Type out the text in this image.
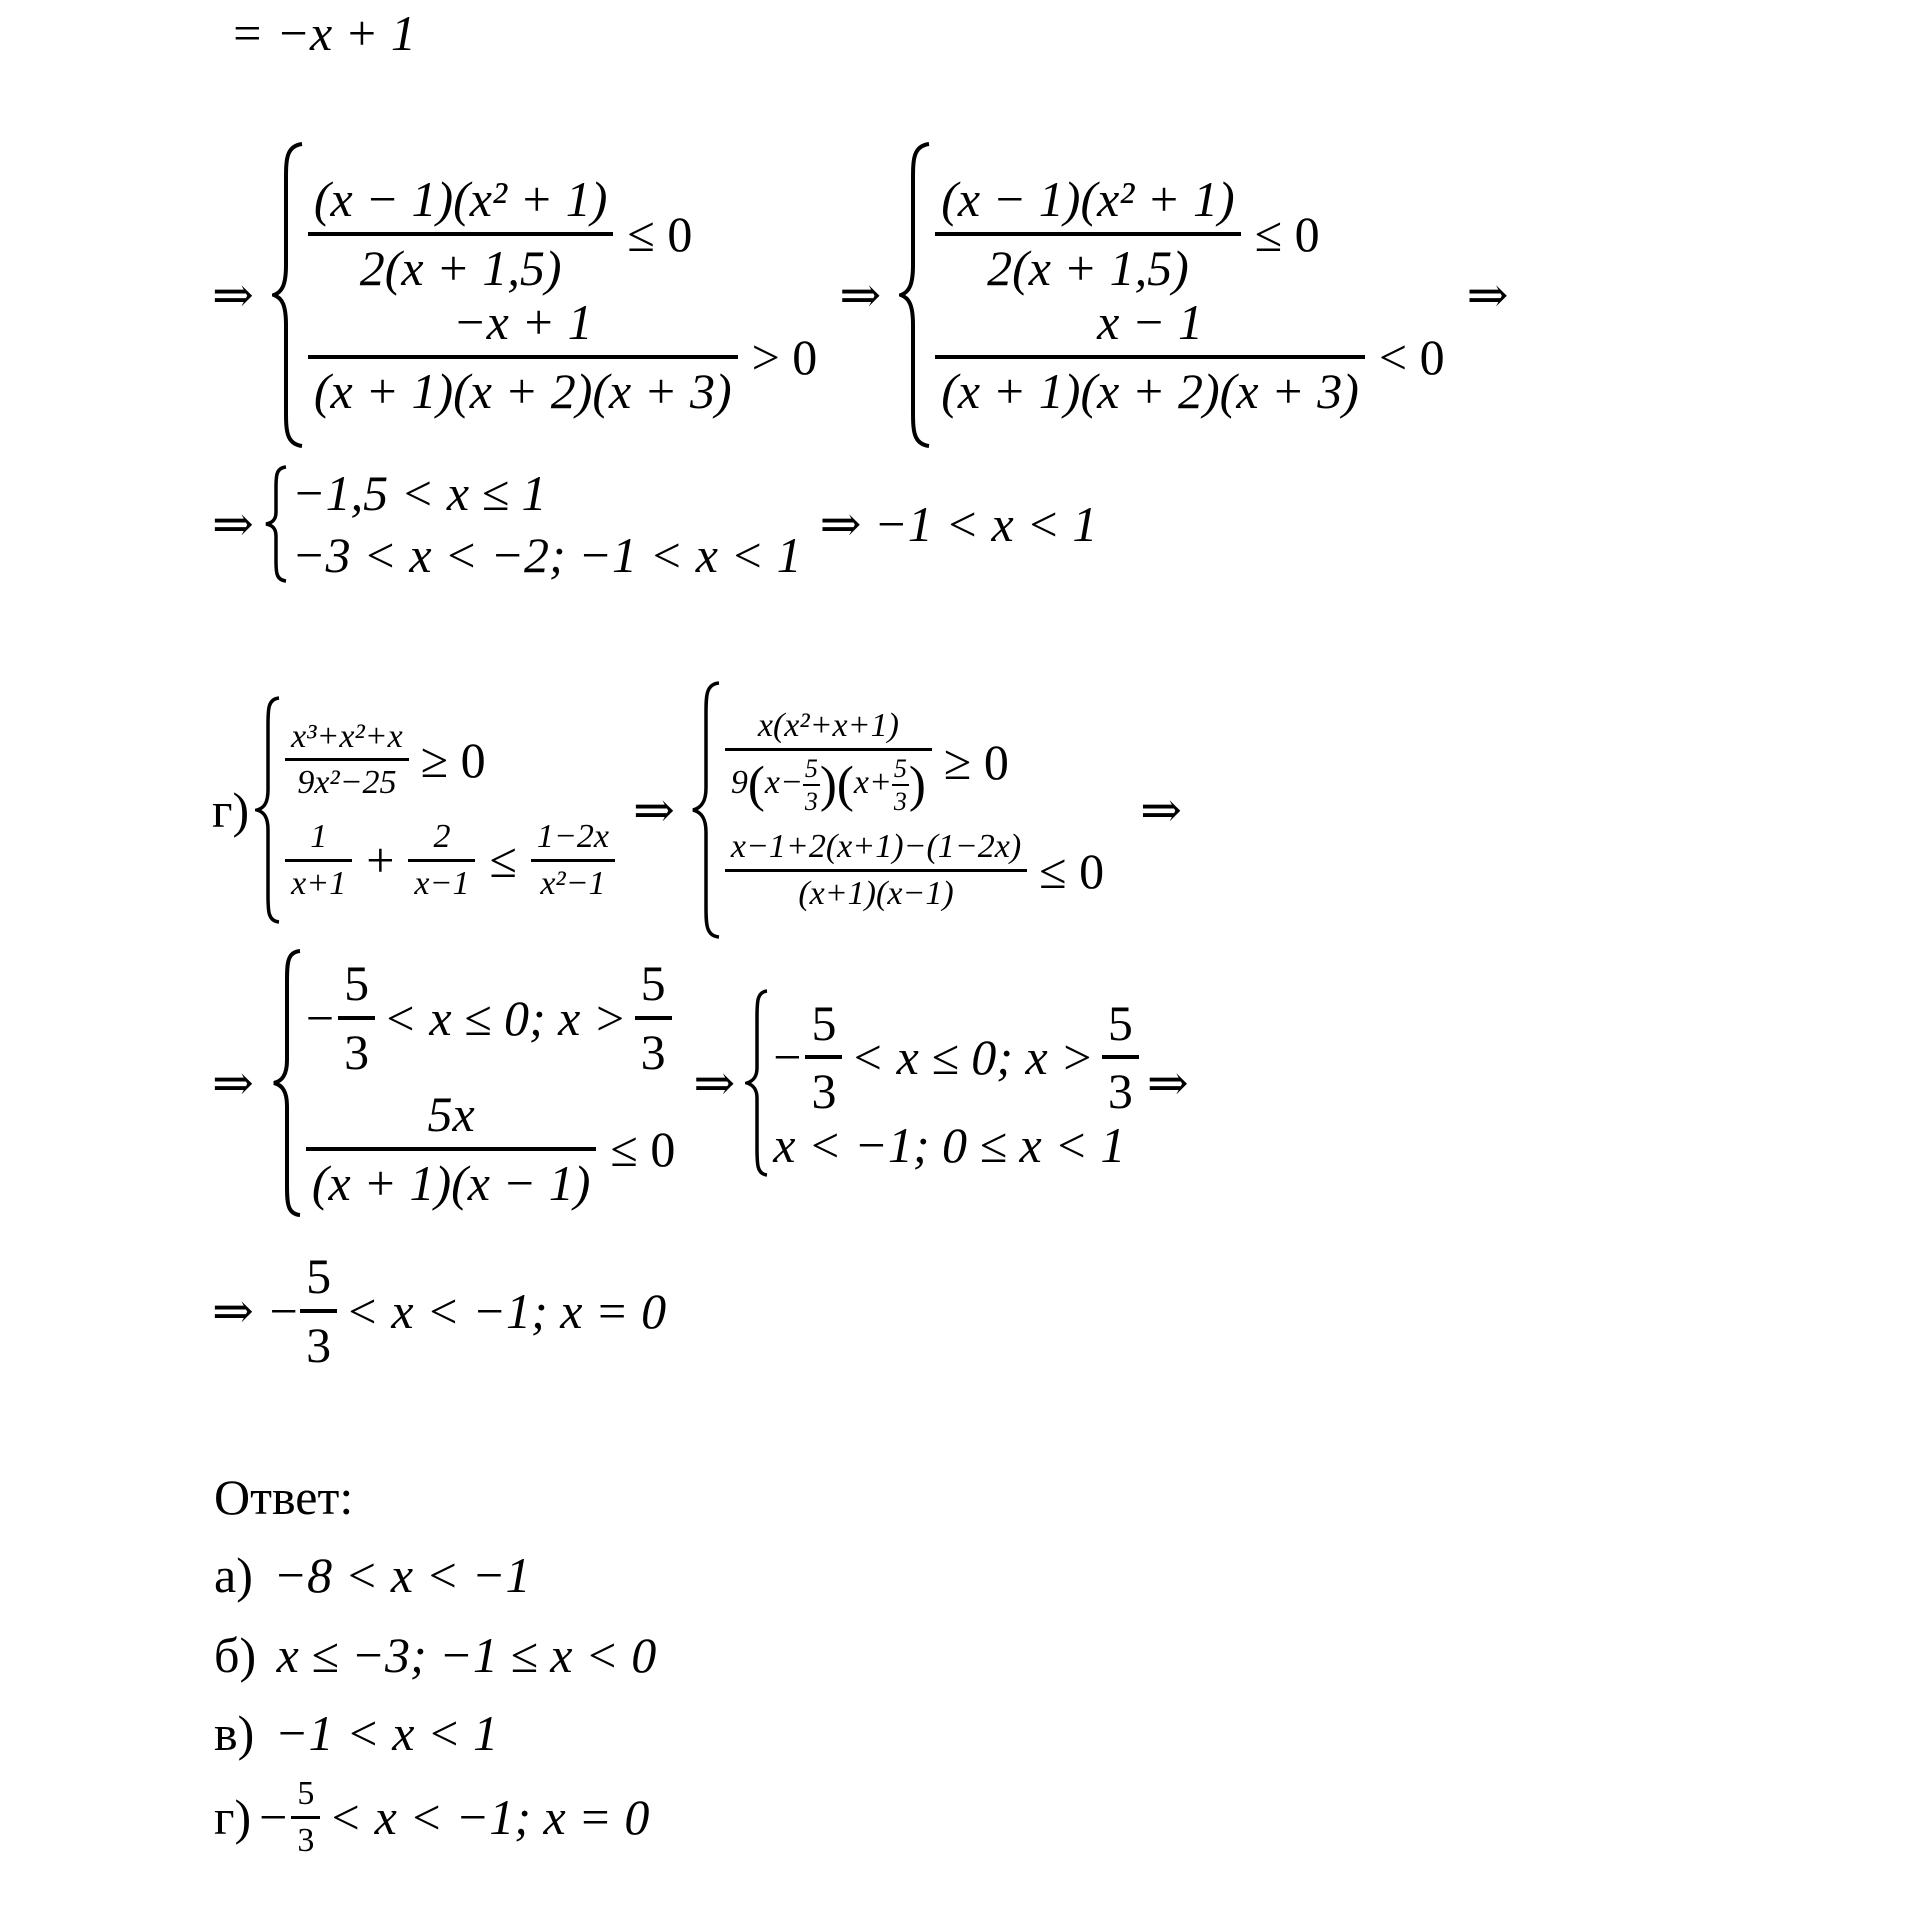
= −x + 1
⇒
$\frac{\text{(x − 1)(x² + 1)}}{2(x + 1,5)} \le 0$
$\frac{-x + 1}{(x + 1)(x + 2)(x + 3)} > 0$
⇒
$\frac{\text{(x − 1)(x² + 1)}}{2(x + 1,5)} \le 0$
$\frac{x - 1}{(x + 1)(x + 2)(x + 3)} < 0$
⇒
⇒
−1,5 < x ≤ 1
−3 < x < −2; −1 < x < 1
⇒ −1 < x < 1
г)
$\frac{\text{x³+x²+x}}{\text{9x²−25}} \ge 0$
$\frac{1}{x+1} + \frac{2}{x-1} \le \frac{1-2x}{\text{x²−1}}$
⇒ $\frac{\text{x(x²+x+1)}}{9(x- \frac{5}{3} )(x+ \frac{5}{3} )} \ge 0$
$\frac{x-1+2(x+1)-(1-2x)}{(x+1)(x-1)} \le 0$
⇒
⇒
− $\frac{5}{3} < x \le 0$; $x > \frac{5}{3}$
$\frac{5x}{(x + 1)(x - 1)} \le 0$
⇒ − $\frac{5}{3} < x \le 0$; $x > \frac{5}{3}$
x < −1; 0 ≤ x < 1
⇒
⇒ − $\frac{5}{3} < x < -1$; x = 0
Ответ:
а) −8 < x < −1
б) x ≤ −3; −1 ≤ x < 0
в) −1 < x < 1
$г) - \frac{5}{3} < x < -1$; x = 0
